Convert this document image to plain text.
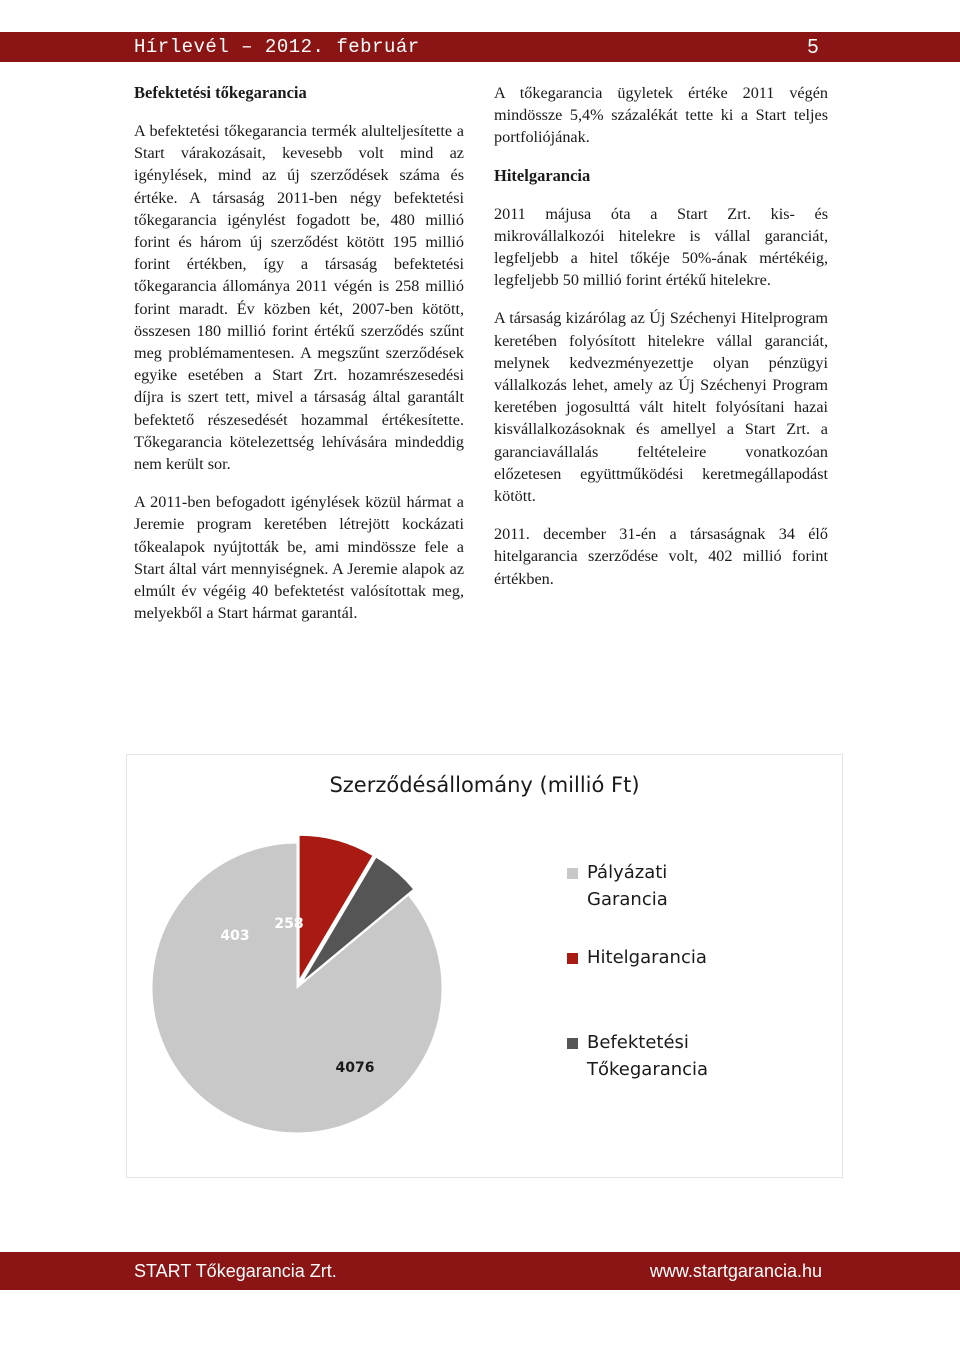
Hírlevél – 2012. február	5
Befektetési tőkegarancia

A befektetési tőkegarancia termék alulteljesítette a Start várakozásait, kevesebb volt mind az igénylések, mind az új szerződések száma és értéke. A társaság 2011-ben négy befektetési tőkegarancia igénylést fogadott be, 480 millió forint és három új szerződést kötött 195 millió forint értékben, így a társaság befektetési tőkegarancia állománya 2011 végén is 258 millió forint maradt. Év közben két, 2007-ben kötött, összesen 180 millió forint értékű szerződés szűnt meg problémamentesen. A megszűnt szerződések egyike esetében a Start Zrt. hozamrészesedési díjra is szert tett, mivel a társaság által garantált befektető részesedését hozammal értékesítette. Tőkegarancia kötelezettség lehívására mindeddig nem került sor.

A 2011-ben befogadott igénylések közül hármat a Jeremie program keretében létrejött kockázati tőkealapok nyújtották be, ami mindössze fele a Start által várt mennyiségnek. A Jeremie alapok az elmúlt év végéig 40 befektetést valósítottak meg, melyekből a Start hármat garantál.

A tőkegarancia ügyletek értéke 2011 végén mindössze 5,4% százalékát tette ki a Start teljes portfoliójának.

Hitelgarancia

2011 májusa óta a Start Zrt. kis- és mikrovállalkozói hitelekre is vállal garanciát, legfeljebb a hitel tőkéje 50%-ának mértékéig, legfeljebb 50 millió forint értékű hitelekre.

A társaság kizárólag az Új Széchenyi Hitelprogram keretében folyósított hitelekre vállal garanciát, melynek kedvezményezettje olyan pénzügyi vállalkozás lehet, amely az Új Széchenyi Program keretében jogosulttá vált hitelt folyósítani hazai kisvállalkozásoknak és amellyel a Start Zrt. a garanciavállalás feltételeire vonatkozóan előzetesen együttműködési keretmegállapodást kötött.

2011. december 31-én a társaságnak 34 élő hitelgarancia szerződése volt, 402 millió forint értékben.

Szerződésállomány (millió Ft)
4076
403
258
Pályázati Garancia
Hitelgarancia
Befektetési Tőkegarancia
START Tőkegarancia Zrt.	www.startgarancia.hu
